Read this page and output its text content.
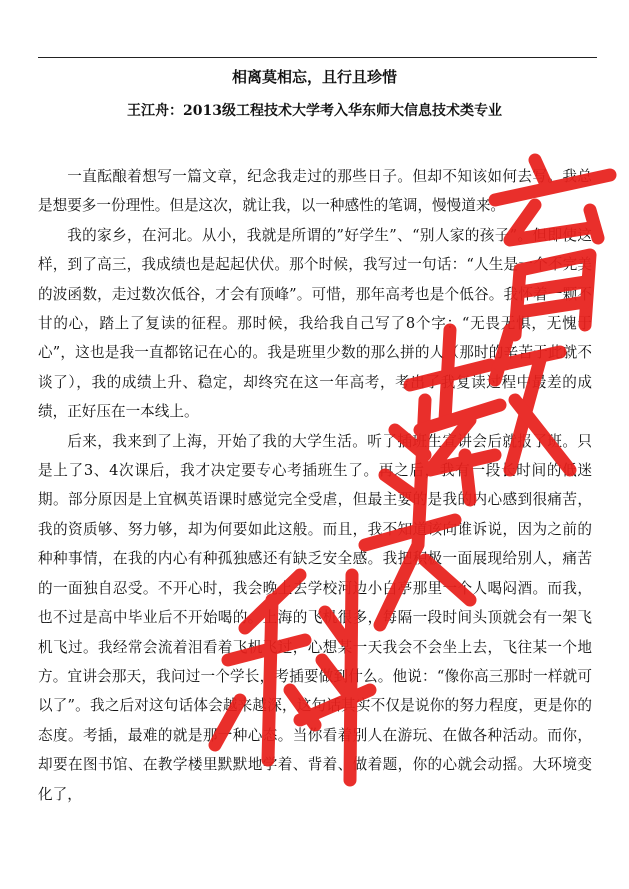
相离莫相忘，且行且珍惜
王江舟：2013级工程技术大学考入华东师大信息技术类专业

一直酝酿着想写一篇文章，纪念我走过的那些日子。但却不知该如何去写。我总是想要多一份理性。但是这次，就让我，以一种感性的笔调，慢慢道来。

我的家乡，在河北。从小，我就是所谓的”好学生”、“别人家的孩子”。但即使这样，到了高三，我成绩也是起起伏伏。那个时候，我写过一句话：“人生是一个不完美的波函数，走过数次低谷，才会有顶峰”。可惜，那年高考也是个低谷。我怀着一颗不甘的心，踏上了复读的征程。那时候，我给我自己写了8个字：“无畏无惧，无愧于心”，这也是我一直都铭记在心的。我是班里少数的那么拼的人（那时的辛苦于此就不谈了），我的成绩上升、稳定，却终究在这一年高考，考出了我复读过程中最差的成绩，正好压在一本线上。

后来，我来到了上海，开始了我的大学生活。听了插班生宣讲会后就报了班。只是上了3、4次课后，我才决定要专心考插班生了。再之后，我有一段长时间的低迷期。部分原因是上宜枫英语课时感觉完全受虐，但最主要的是我的内心感到很痛苦，我的资质够、努力够，却为何要如此这般。而且，我不知道该向谁诉说，因为之前的种种事情，在我的内心有种孤独感还有缺乏安全感。我把积极一面展现给别人，痛苦的一面独自忍受。不开心时，我会晚上去学校河边小白亭那里一个人喝闷酒。而我，也不过是高中毕业后不开始喝的。上海的飞机很多，每隔一段时间头顶就会有一架飞机飞过。我经常会流着泪看着飞机飞过，心想某一天我会不会坐上去，飞往某一个地方。宜讲会那天，我问过一个学长，考插要做到什么。他说：“像你高三那时一样就可以了”。我之后对这句话体会越来越深，这句话其实不仅是说你的努力程度，更是你的态度。考插，最难的就是那一种心态。当你看着别人在游玩、在做各种活动。而你，却要在图书馆、在教学楼里默默地学着、背着、做着题，你的心就会动摇。大环境变化了，
